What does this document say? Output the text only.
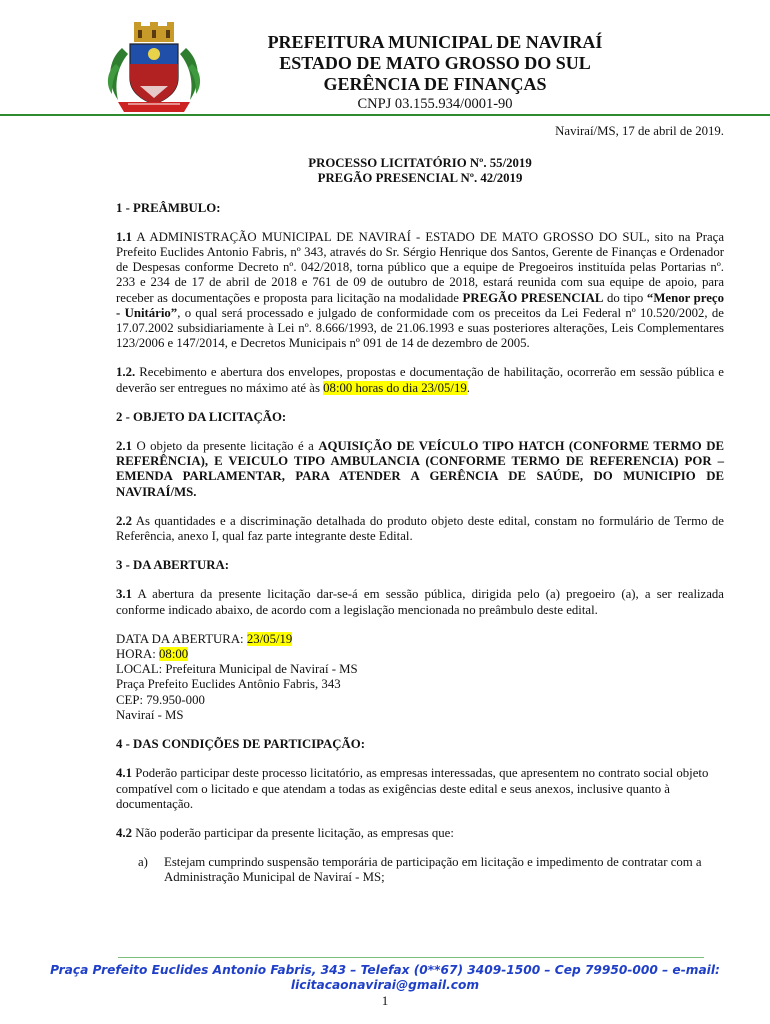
PREFEITURA MUNICIPAL DE NAVIRAÍ
ESTADO DE MATO GROSSO DO SUL
GERÊNCIA DE FINANÇAS
CNPJ 03.155.934/0001-90

Naviraí/MS, 17 de abril de 2019.

PROCESSO LICITATÓRIO Nº. 55/2019

PREGÃO PRESENCIAL Nº. 42/2019

1 - PREÂMBULO:

1.1 A ADMINISTRAÇÃO MUNICIPAL DE NAVIRAÍ - ESTADO DE MATO GROSSO DO SUL, sito na Praça Prefeito Euclides Antonio Fabris, nº 343, através do Sr. Sérgio Henrique dos Santos, Gerente de Finanças e Ordenador de Despesas conforme Decreto nº. 042/2018, torna público que a equipe de Pregoeiros instituída pelas Portarias nº. 233 e 234 de 17 de abril de 2018 e 761 de 09 de outubro de 2018, estará reunida com sua equipe de apoio, para receber as documentações e proposta para licitação na modalidade PREGÃO PRESENCIAL do tipo “Menor preço - Unitário”, o qual será processado e julgado de conformidade com os preceitos da Lei Federal nº 10.520/2002, de 17.07.2002 subsidiariamente à Lei nº. 8.666/1993, de 21.06.1993 e suas posteriores alterações, Leis Complementares 123/2006 e 147/2014, e Decretos Municipais nº 091 de 14 de dezembro de 2005.

1.2. Recebimento e abertura dos envelopes, propostas e documentação de habilitação, ocorrerão em sessão pública e deverão ser entregues no máximo até às 08:00 horas do dia 23/05/19.

2 - OBJETO DA LICITAÇÃO:

2.1 O objeto da presente licitação é a AQUISIÇÃO DE VEÍCULO TIPO HATCH (CONFORME TERMO DE REFERÊNCIA), E VEICULO TIPO AMBULANCIA (CONFORME TERMO DE REFERENCIA) POR – EMENDA PARLAMENTAR, PARA ATENDER A GERÊNCIA DE SAÚDE, DO MUNICIPIO DE NAVIRAÍ/MS.

2.2 As quantidades e a discriminação detalhada do produto objeto deste edital, constam no formulário de Termo de Referência, anexo I, qual faz parte integrante deste Edital.

3 - DA ABERTURA:

3.1 A abertura da presente licitação dar-se-á em sessão pública, dirigida pelo (a) pregoeiro (a), a ser realizada conforme indicado abaixo, de acordo com a legislação mencionada no preâmbulo deste edital.

DATA DA ABERTURA: 23/05/19

HORA: 08:00

LOCAL: Prefeitura Municipal de Naviraí - MS

Praça Prefeito Euclides Antônio Fabris, 343

CEP: 79.950-000

Naviraí - MS

4 - DAS CONDIÇÕES DE PARTICIPAÇÃO:

4.1 Poderão participar deste processo licitatório, as empresas interessadas, que apresentem no contrato social objeto compatível com o licitado e que atendam a todas as exigências deste edital e seus anexos, inclusive quanto à documentação.

4.2 Não poderão participar da presente licitação, as empresas que:

a)	Estejam cumprindo suspensão temporária de participação em licitação e impedimento de contratar com a Administração Municipal de Naviraí - MS;
Praça Prefeito Euclides Antonio Fabris, 343 – Telefax (0**67) 3409-1500 – Cep 79950-000 – e-mail:
licitacaonavirai@gmail.com
1
